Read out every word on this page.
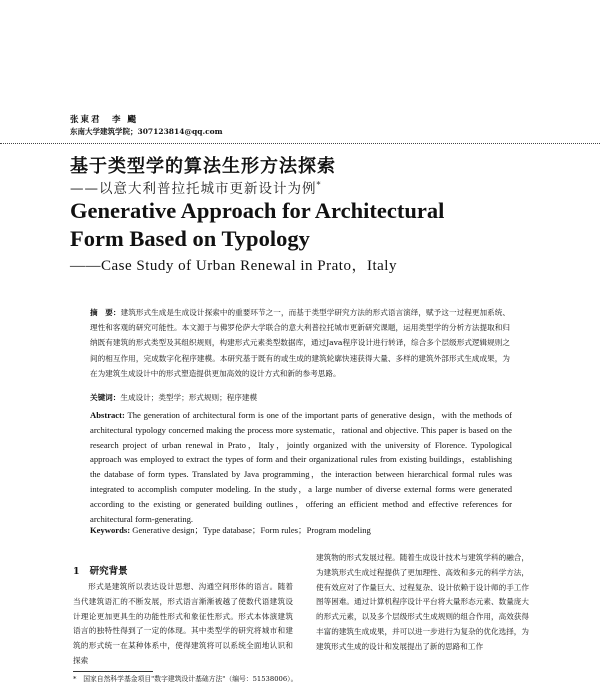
张東君　李 颺
东南大学建筑学院；307123814@qq.com
基于类型学的算法生形方法探索
——以意大利普拉托城市更新设计为例*
Generative Approach for Architectural
Form Based on Typology
——Case Study of Urban Renewal in Prato，Italy
摘　要：建筑形式生成是生成设计探索中的重要环节之一，而基于类型学研究方法的形式语言演绎，赋予这一过程更加系统、理性和客观的研究可能性。本文源于与佛罗伦萨大学联合的意大利普拉托城市更新研究课题，运用类型学的分析方法提取和归纳既有建筑的形式类型及其组织规则，构建形式元素类型数据库，通过Java程序设计进行转译，综合多个层级形式逻辑规则之间的相互作用，完成数字化程序建模。本研究基于既有的或生成的建筑轮廓快速获得大量、多样的建筑外部形式生成成果，为在为建筑生成设计中的形式塑造提供更加高效的设计方式和新的参考思路。
关键词：生成设计；类型学；形式规则；程序建模
Abstract: The generation of architectural form is one of the important parts of generative design，with the methods of architectural typology concerned making the process more systematic，rational and objective. This paper is based on the research project of urban renewal in Prato，Italy，jointly organized with the university of Florence. Typological approach was employed to extract the types of form and their organizational rules from existing buildings，establishing the database of form types. Translated by Java programming，the interaction between hierarchical formal rules was integrated to accomplish computer modeling. In the study，a large number of diverse external forms were generated according to the existing or generated building outlines，offering an efficient method and effective references for architectural form-generating.
Keywords: Generative design；Type database；Form rules；Program modeling
1 研究背景
形式是建筑所以表达设计思想、沟通空间形体的语言。随着当代建筑语汇的不断发展，形式语言渐渐被越了使数代语建筑设计理论更加更具生的功能性形式和象征性形式。形式本体演建筑语言的独特性得到了一定的体现。其中类型学的研究将城市和建筑的形式统一在某种体系中，使得建筑将可以系统全面地认识和探索
建筑物的形式发展过程。随着生成设计技术与建筑学科的融合，为建筑形式生成过程提供了更加理性、高效和多元的科学方法，使有效应对了作量巨大、过程复杂、设计依赖于设计师的手工作图等困难。通过计算机程序设计平台将大量形态元素、数量庞大的形式元素，以及多个层级形式生成规则的组合作用，高效获得丰富的建筑生成成果，并可以进一步进行为复杂的优化选择，为建筑形式生成的设计和发展提出了新的思路和工作
*　 国家自然科学基金项目"数字建筑设计基础方法"（编号：51538006）。
